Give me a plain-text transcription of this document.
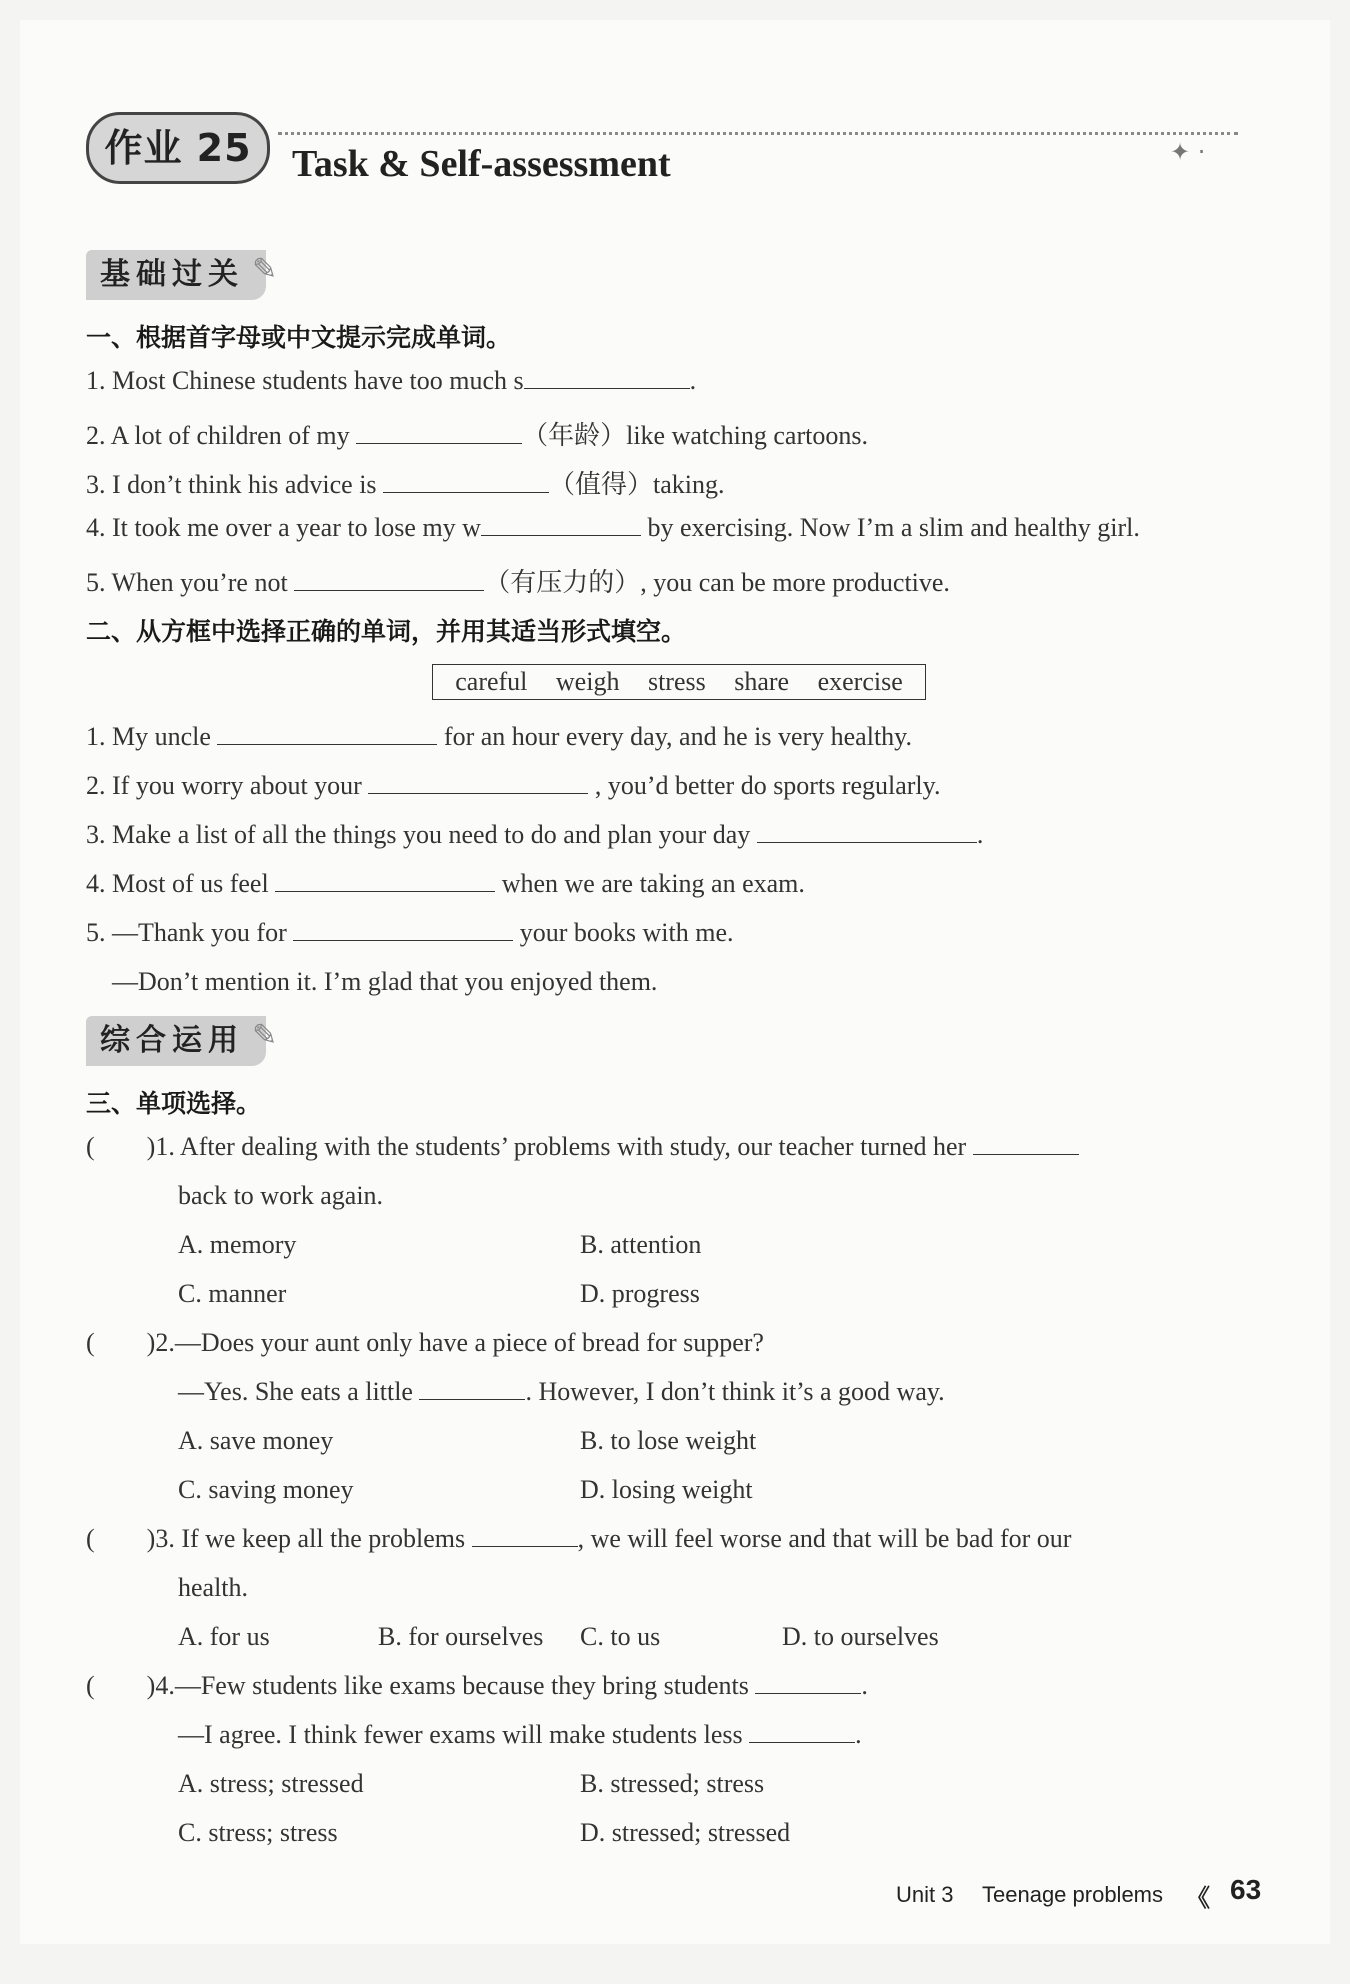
作业 25	Task & Self-assessment	✦ ·
基础过关 ✎
一、根据首字母或中文提示完成单词。
1. Most Chinese students have too much s	.
2. A lot of children of my	（年龄）like watching cartoons.
3. I don’t think his advice is	（值得）taking.
4. It took me over a year to lose my w	by exercising. Now I’m a slim and healthy girl.
5. When you’re not	（有压力的）, you can be more productive.
二、从方框中选择正确的单词，并用其适当形式填空。
careful weigh stress share exercise
1. My uncle	for an hour every day, and he is very healthy.
2. If you worry about your	, you’d better do sports regularly.
3. Make a list of all the things you need to do and plan your day	.
4. Most of us feel	when we are taking an exam.
5. —Thank you for	your books with me.
—Don’t mention it. I’m glad that you enjoyed them.
综合运用 ✎
三、单项选择。
( )1. After dealing with the students’ problems with study, our teacher turned her
back to work again.
A. memory	B. attention
C. manner	D. progress
( )2.—Does your aunt only have a piece of bread for supper?
—Yes. She eats a little	. However, I don’t think it’s a good way.
A. save money	B. to lose weight
C. saving money	D. losing weight
( )3. If we keep all the problems	, we will feel worse and that will be bad for our
health.
A. for us	B. for ourselves C. to us	D. to ourselves
( )4.—Few students like exams because they bring students	.
—I agree. I think fewer exams will make students less	.
A. stress; stressed	B. stressed; stress
C. stress; stress	D. stressed; stressed
Unit 3 Teenage problems 《 63
